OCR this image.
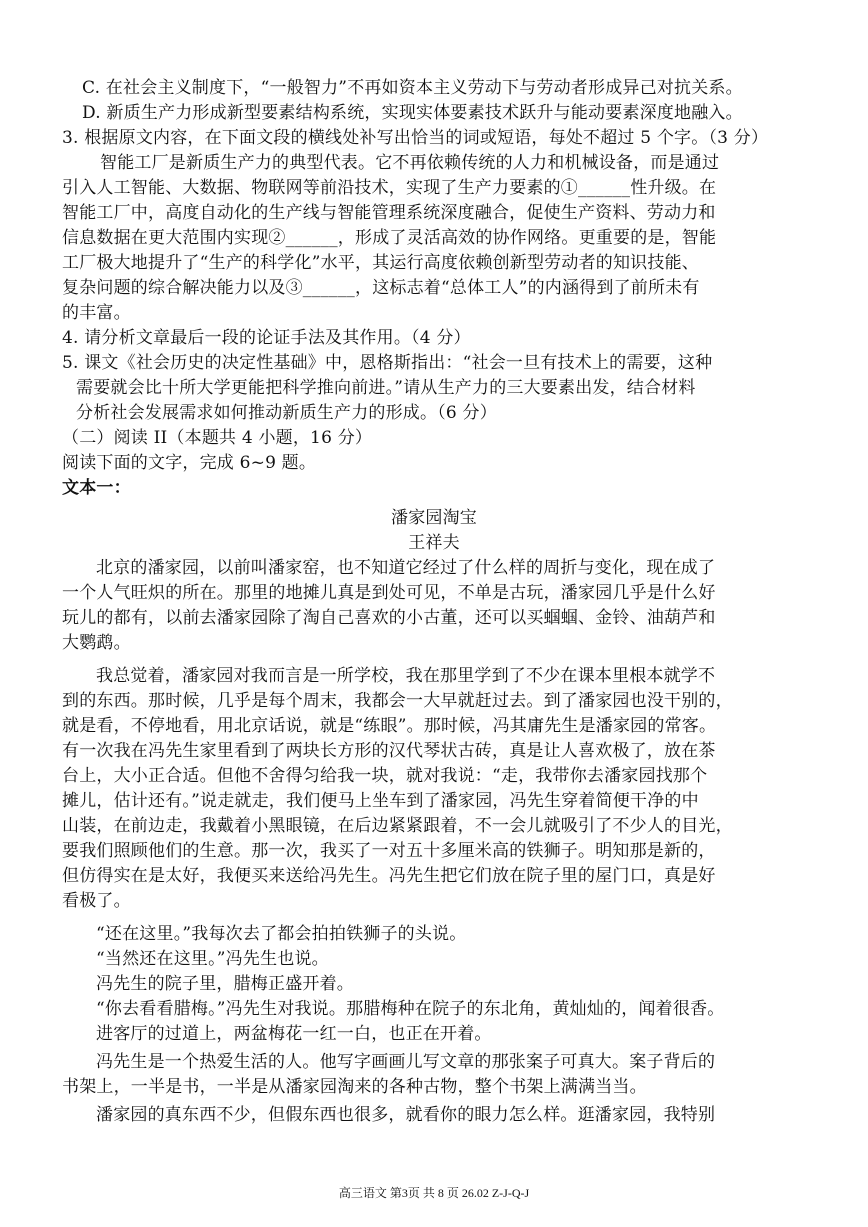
C. 在社会主义制度下，“一般智力”不再如资本主义劳动下与劳动者形成异己对抗关系。
D. 新质生产力形成新型要素结构系统，实现实体要素技术跃升与能动要素深度地融入。
3. 根据原文内容，在下面文段的横线处补写出恰当的词或短语，每处不超过 5 个字。（3 分）
智能工厂是新质生产力的典型代表。它不再依赖传统的人力和机械设备，而是通过
引入人工智能、大数据、物联网等前沿技术，实现了生产力要素的①______性升级。在
智能工厂中，高度自动化的生产线与智能管理系统深度融合，促使生产资料、劳动力和
信息数据在更大范围内实现②______，形成了灵活高效的协作网络。更重要的是，智能
工厂极大地提升了“生产的科学化”水平，其运行高度依赖创新型劳动者的知识技能、
复杂问题的综合解决能力以及③______，这标志着“总体工人”的内涵得到了前所未有
的丰富。
4. 请分析文章最后一段的论证手法及其作用。（4 分）
5. 课文《社会历史的决定性基础》中，恩格斯指出：“社会一旦有技术上的需要，这种
需要就会比十所大学更能把科学推向前进。”请从生产力的三大要素出发，结合材料
分析社会发展需求如何推动新质生产力的形成。（6 分）
（二）阅读 II（本题共 4 小题，16 分）
阅读下面的文字，完成 6~9 题。
文本一：
潘家园淘宝
王祥夫
北京的潘家园，以前叫潘家窑，也不知道它经过了什么样的周折与变化，现在成了
一个人气旺炽的所在。那里的地摊儿真是到处可见，不单是古玩，潘家园几乎是什么好
玩儿的都有，以前去潘家园除了淘自己喜欢的小古董，还可以买蝈蝈、金铃、油葫芦和
大鹦鹉。
我总觉着，潘家园对我而言是一所学校，我在那里学到了不少在课本里根本就学不
到的东西。那时候，几乎是每个周末，我都会一大早就赶过去。到了潘家园也没干别的，
就是看，不停地看，用北京话说，就是“练眼”。那时候，冯其庸先生是潘家园的常客。
有一次我在冯先生家里看到了两块长方形的汉代琴状古砖，真是让人喜欢极了，放在茶
台上，大小正合适。但他不舍得匀给我一块，就对我说：“走，我带你去潘家园找那个
摊儿，估计还有。”说走就走，我们便马上坐车到了潘家园，冯先生穿着简便干净的中
山装，在前边走，我戴着小黑眼镜，在后边紧紧跟着，不一会儿就吸引了不少人的目光，
要我们照顾他们的生意。那一次，我买了一对五十多厘米高的铁狮子。明知那是新的，
但仿得实在是太好，我便买来送给冯先生。冯先生把它们放在院子里的屋门口，真是好
看极了。
“还在这里。”我每次去了都会拍拍铁狮子的头说。
“当然还在这里。”冯先生也说。
冯先生的院子里，腊梅正盛开着。
“你去看看腊梅。”冯先生对我说。那腊梅种在院子的东北角，黄灿灿的，闻着很香。
进客厅的过道上，两盆梅花一红一白，也正在开着。
冯先生是一个热爱生活的人。他写字画画儿写文章的那张案子可真大。案子背后的
书架上，一半是书，一半是从潘家园淘来的各种古物，整个书架上满满当当。
潘家园的真东西不少，但假东西也很多，就看你的眼力怎么样。逛潘家园，我特别
高三语文 第3页 共 8 页 26.02 Z-J-Q-J
